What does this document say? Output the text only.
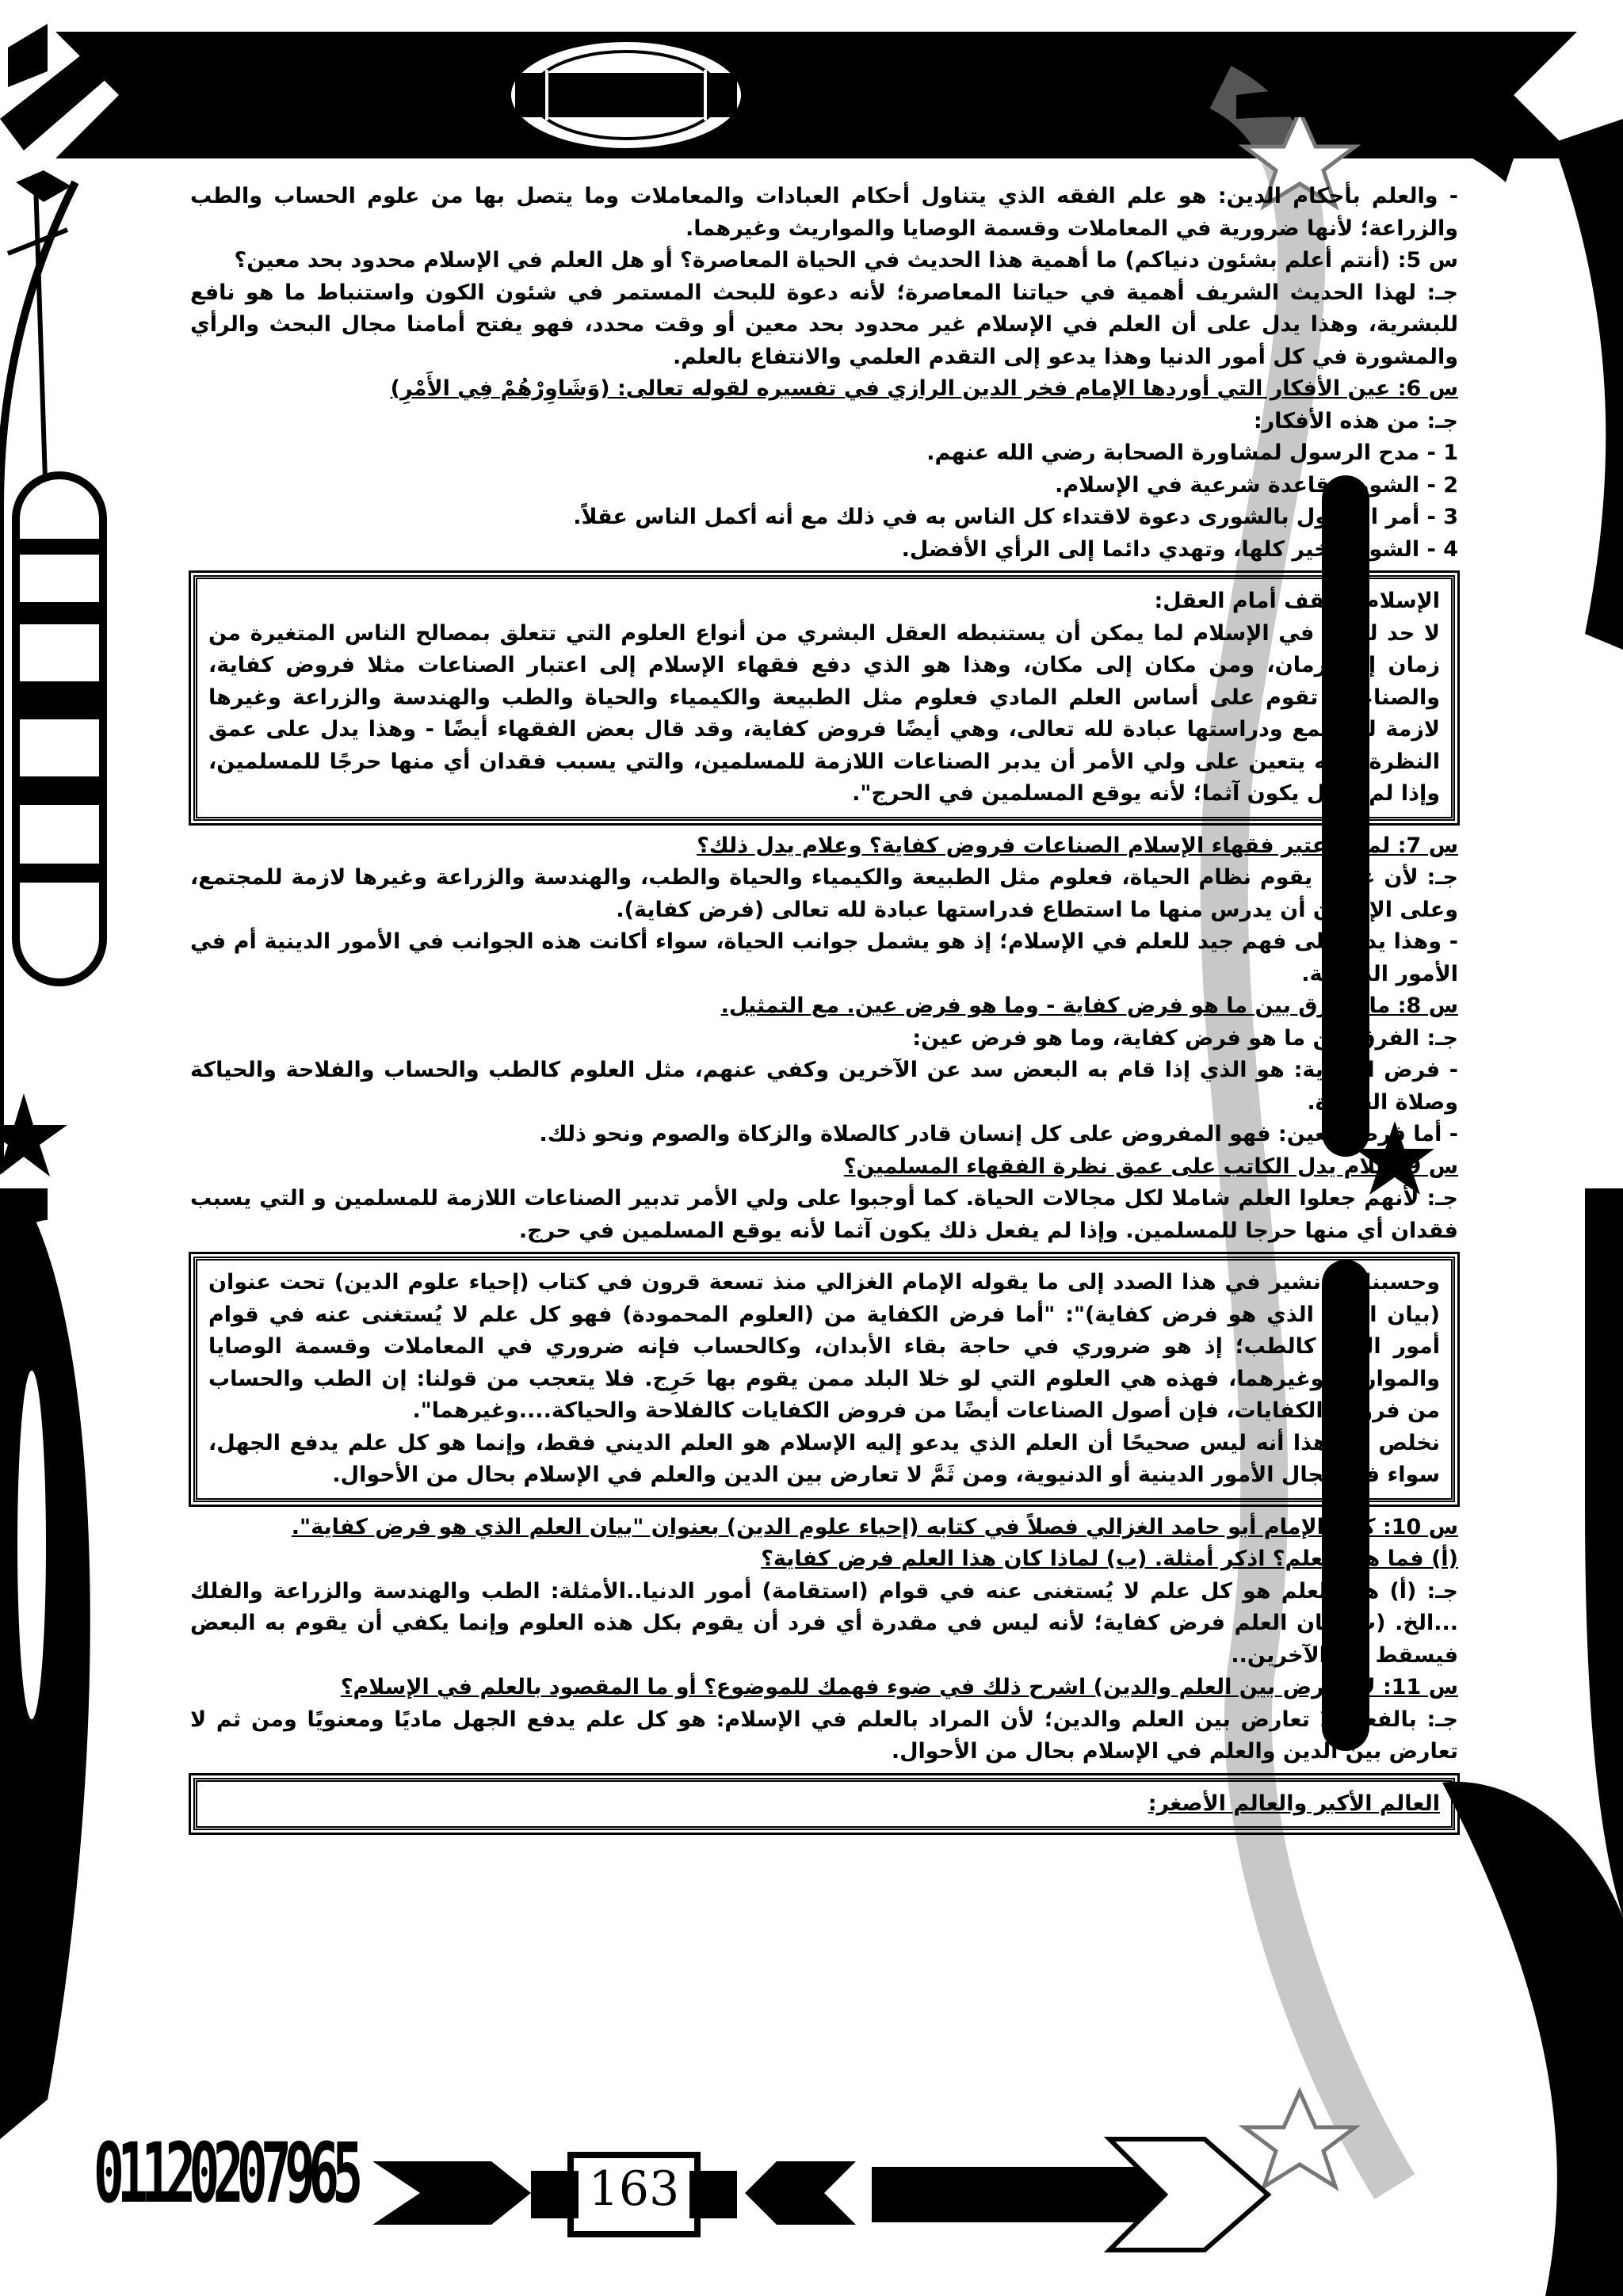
- والعلم بأحكام الدين: هو علم الفقه الذي يتناول أحكام العبادات والمعاملات وما يتصل بها من علوم الحساب والطب والزراعة؛ لأنها ضرورية في المعاملات وقسمة الوصايا والمواريث وغيرهما.

س 5: (أنتم أعلم بشئون دنياكم) ما أهمية هذا الحديث في الحياة المعاصرة؟ أو هل العلم في الإسلام محدود بحد معين؟

جـ: لهذا الحديث الشريف أهمية في حياتنا المعاصرة؛ لأنه دعوة للبحث المستمر في شئون الكون واستنباط ما هو نافع للبشرية، وهذا يدل على أن العلم في الإسلام غير محدود بحد معين أو وقت محدد، فهو يفتح أمامنا مجال البحث والرأي والمشورة في كل أمور الدنيا وهذا يدعو إلى التقدم العلمي والانتفاع بالعلم.

س 6: عين الأفكار التي أوردها الإمام فخر الدين الرازي في تفسيره لقوله تعالى: (وَشَاوِرْهُمْ فِي الأَمْرِ)

جـ: من هذه الأفكار:

1 - مدح الرسول لمشاورة الصحابة رضي الله عنهم.

2 - الشورى قاعدة شرعية في الإسلام.

3 - أمر الرسول بالشورى دعوة لاقتداء كل الناس به في ذلك مع أنه أكمل الناس عقلاً.

4 - الشورى خير كلها، وتهدي دائما إلى الرأي الأفضل.

الإسلام لا يقف أمام العقل:

لا حد للعلم في الإسلام لما يمكن أن يستنبطه العقل البشري من أنواع العلوم التي تتعلق بمصالح الناس المتغيرة من زمان إلى زمان، ومن مكان إلى مكان، وهذا هو الذي دفع فقهاء الإسلام إلى اعتبار الصناعات مثلا فروض كفاية، والصناعات تقوم على أساس العلم المادي فعلوم مثل الطبيعة والكيمياء والحياة والطب والهندسة والزراعة وغيرها لازمة للمجتمع ودراستها عبادة لله تعالى، وهي أيضًا فروض كفاية، وقد قال بعض الفقهاء أيضًا - وهذا يدل على عمق النظرة - إنه يتعين على ولي الأمر أن يدبر الصناعات اللازمة للمسلمين، والتي يسبب فقدان أي منها حرجًا للمسلمين، وإذا لم يفعل يكون آثما؛ لأنه يوقع المسلمين في الحرج".

س 7: لماذا اعتبر فقهاء الإسلام الصناعات فروض كفاية؟ وعلام يدل ذلك؟

جـ: لأن عليها يقوم نظام الحياة، فعلوم مثل الطبيعة والكيمياء والحياة والطب، والهندسة والزراعة وغيرها لازمة للمجتمع، وعلى الإنسان أن يدرس منها ما استطاع فدراستها عبادة لله تعالى (فرض كفاية).

- وهذا يدل على فهم جيد للعلم في الإسلام؛ إذ هو يشمل جوانب الحياة، سواء أكانت هذه الجوانب في الأمور الدينية أم في الأمور الدنيوية.

س 8: ما الفرق بين ما هو فرض كفاية - وما هو فرض عين. مع التمثيل.

جـ: الفرق بين ما هو فرض كفاية، وما هو فرض عين:

- فرض الكفاية: هو الذي إذا قام به البعض سد عن الآخرين وكفي عنهم، مثل العلوم كالطب والحساب والفلاحة والحياكة وصلاة الجنازة.

- أما فرض العين: فهو المفروض على كل إنسان قادر كالصلاة والزكاة والصوم ونحو ذلك.

س 9: علام يدل الكاتب على عمق نظرة الفقهاء المسلمين؟

جـ: لأنهم جعلوا العلم شاملا لكل مجالات الحياة. كما أوجبوا على ولي الأمر تدبير الصناعات اللازمة للمسلمين و التي يسبب فقدان أي منها حرجا للمسلمين. وإذا لم يفعل ذلك يكون آثما لأنه يوقع المسلمين في حرج.

وحسبنا أن نشير في هذا الصدد إلى ما يقوله الإمام الغزالي منذ تسعة قرون في كتاب (إحياء علوم الدين) تحت عنوان (بيان العلم الذي هو فرض كفاية)": "أما فرض الكفاية من (العلوم المحمودة) فهو كل علم لا يُستغنى عنه في قوام أمور الدنيا كالطب؛ إذ هو ضروري في حاجة بقاء الأبدان، وكالحساب فإنه ضروري في المعاملات وقسمة الوصايا والمواريث وغيرهما، فهذه هي العلوم التي لو خلا البلد ممن يقوم بها حَرِج. فلا يتعجب من قولنا: إن الطب والحساب من فروض الكفايات، فإن أصول الصناعات أيضًا من فروض الكفايات كالفلاحة والحياكة....وغيرهما".

نخلص من هذا أنه ليس صحيحًا أن العلم الذي يدعو إليه الإسلام هو العلم الديني فقط، وإنما هو كل علم يدفع الجهل، سواء في مجال الأمور الدينية أو الدنيوية، ومن ثَمَّ لا تعارض بين الدين والعلم في الإسلام بحال من الأحوال.

س 10: كتب الإمام أبو حامد الغزالي فصلاً في كتابه (إحياء علوم الدين) بعنوان "بيان العلم الذي هو فرض كفاية".

(أ) فما هذا العلم؟ اذكر أمثلة. (ب) لماذا كان هذا العلم فرض كفاية؟

جـ: (أ) هذا العلم هو كل علم لا يُستغنى عنه في قوام (استقامة) أمور الدنيا..الأمثلة: الطب والهندسة والزراعة والفلك ...الخ. (ب) كان العلم فرض كفاية؛ لأنه ليس في مقدرة أي فرد أن يقوم بكل هذه العلوم وإنما يكفي أن يقوم به البعض فيسقط عن الآخرين..

س 11: لا تعارض بين العلم والدين) اشرح ذلك في ضوء فهمك للموضوع؟ أو ما المقصود بالعلم في الإسلام؟

جـ: بالفعل لا تعارض بين العلم والدين؛ لأن المراد بالعلم في الإسلام: هو كل علم يدفع الجهل ماديًا ومعنويًا ومن ثم لا تعارض بين الدين والعلم في الإسلام بحال من الأحوال.

العالم الأكبر والعالم الأصغر:

01120207965	163
